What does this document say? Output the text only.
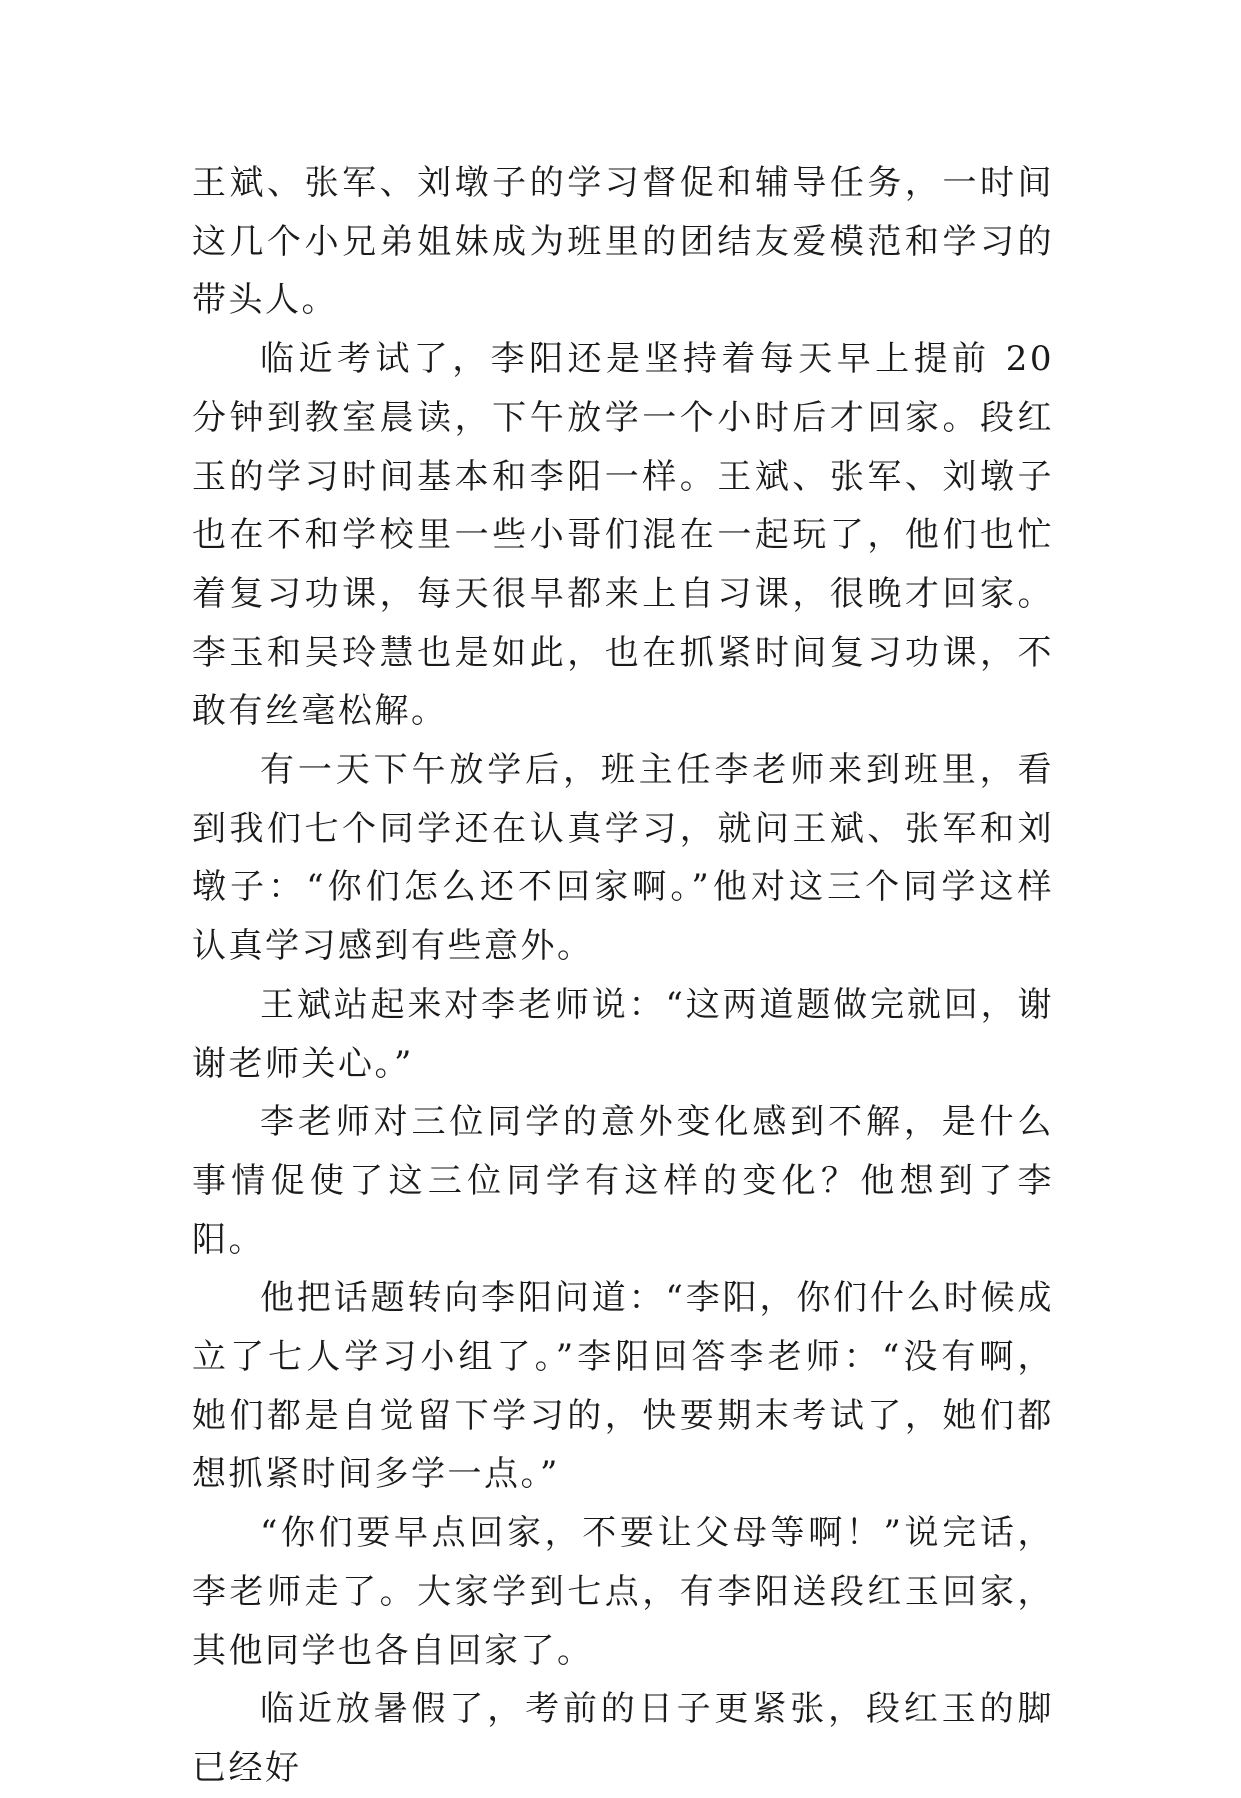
王斌、张军、刘墩子的学习督促和辅导任务，一时间这几个小兄弟姐妹成为班里的团结友爱模范和学习的带头人。

临近考试了，李阳还是坚持着每天早上提前 20 分钟到教室晨读，下午放学一个小时后才回家。段红玉的学习时间基本和李阳一样。王斌、张军、刘墩子也在不和学校里一些小哥们混在一起玩了，他们也忙着复习功课，每天很早都来上自习课，很晚才回家。李玉和吴玲慧也是如此，也在抓紧时间复习功课，不敢有丝毫松解。

有一天下午放学后，班主任李老师来到班里，看到我们七个同学还在认真学习，就问王斌、张军和刘墩子：“你们怎么还不回家啊。”他对这三个同学这样认真学习感到有些意外。

王斌站起来对李老师说：“这两道题做完就回，谢谢老师关心。”

李老师对三位同学的意外变化感到不解，是什么事情促使了这三位同学有这样的变化？他想到了李阳。

他把话题转向李阳问道：“李阳，你们什么时候成立了七人学习小组了。”李阳回答李老师：“没有啊，她们都是自觉留下学习的，快要期末考试了，她们都想抓紧时间多学一点。”

“你们要早点回家，不要让父母等啊！”说完话，李老师走了。大家学到七点，有李阳送段红玉回家，其他同学也各自回家了。

临近放暑假了，考前的日子更紧张，段红玉的脚已经好
